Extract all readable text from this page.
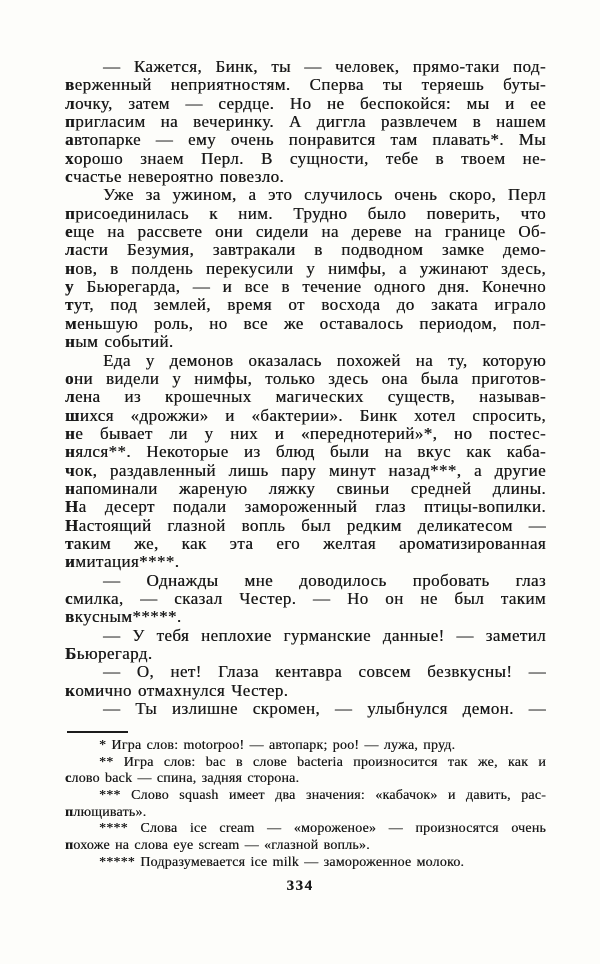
— Кажется, Бинк, ты — человек, прямо-таки под-
верженный неприятностям. Сперва ты теряешь буты-
лочку, затем — сердце. Но не беспокойся: мы и ее
пригласим на вечеринку. А диггла развлечем в нашем
автопарке — ему очень понравится там плавать*. Мы
хорошо знаем Перл. В сущности, тебе в твоем не-
счастье невероятно повезло.
Уже за ужином, а это случилось очень скоро, Перл
присоединилась к ним. Трудно было поверить, что
еще на рассвете они сидели на дереве на границе Об-
ласти Безумия, завтракали в подводном замке демо-
нов, в полдень перекусили у нимфы, а ужинают здесь,
у Бьюрегарда, — и все в течение одного дня. Конечно
тут, под землей, время от восхода до заката играло
меньшую роль, но все же оставалось периодом, пол-
ным событий.
Еда у демонов оказалась похожей на ту, которую
они видели у нимфы, только здесь она была приготов-
лена из крошечных магических существ, называв-
шихся «дрожжи» и «бактерии». Бинк хотел спросить,
не бывает ли у них и «переднотерий»*, но постес-
нялся**. Некоторые из блюд были на вкус как каба-
чок, раздавленный лишь пару минут назад***, а другие
напоминали жареную ляжку свиньи средней длины.
На десерт подали замороженный глаз птицы-вопилки.
Настоящий глазной вопль был редким деликатесом —
таким же, как эта его желтая ароматизированная
имитация****.
— Однажды мне доводилось пробовать глаз
смилка, — сказал Честер. — Но он не был таким
вкусным*****.
— У тебя неплохие гурманские данные! — заметил
Бьюрегард.
— О, нет! Глаза кентавра совсем безвкусны! —
комично отмахнулся Честер.
— Ты излишне скромен, — улыбнулся демон. —
* Игра слов: motorpoo! — автопарк; poo! — лужа, пруд.
** Игра слов: bac в слове bacteria произносится так же, как и
слово back — спина, задняя сторона.
*** Слово squash имеет два значения: «кабачок» и давить, рас-
плющивать».
**** Слова ice cream — «мороженое» — произносятся очень
похоже на слова eye scream — «глазной вопль».
***** Подразумевается ice milk — замороженное молоко.
334
